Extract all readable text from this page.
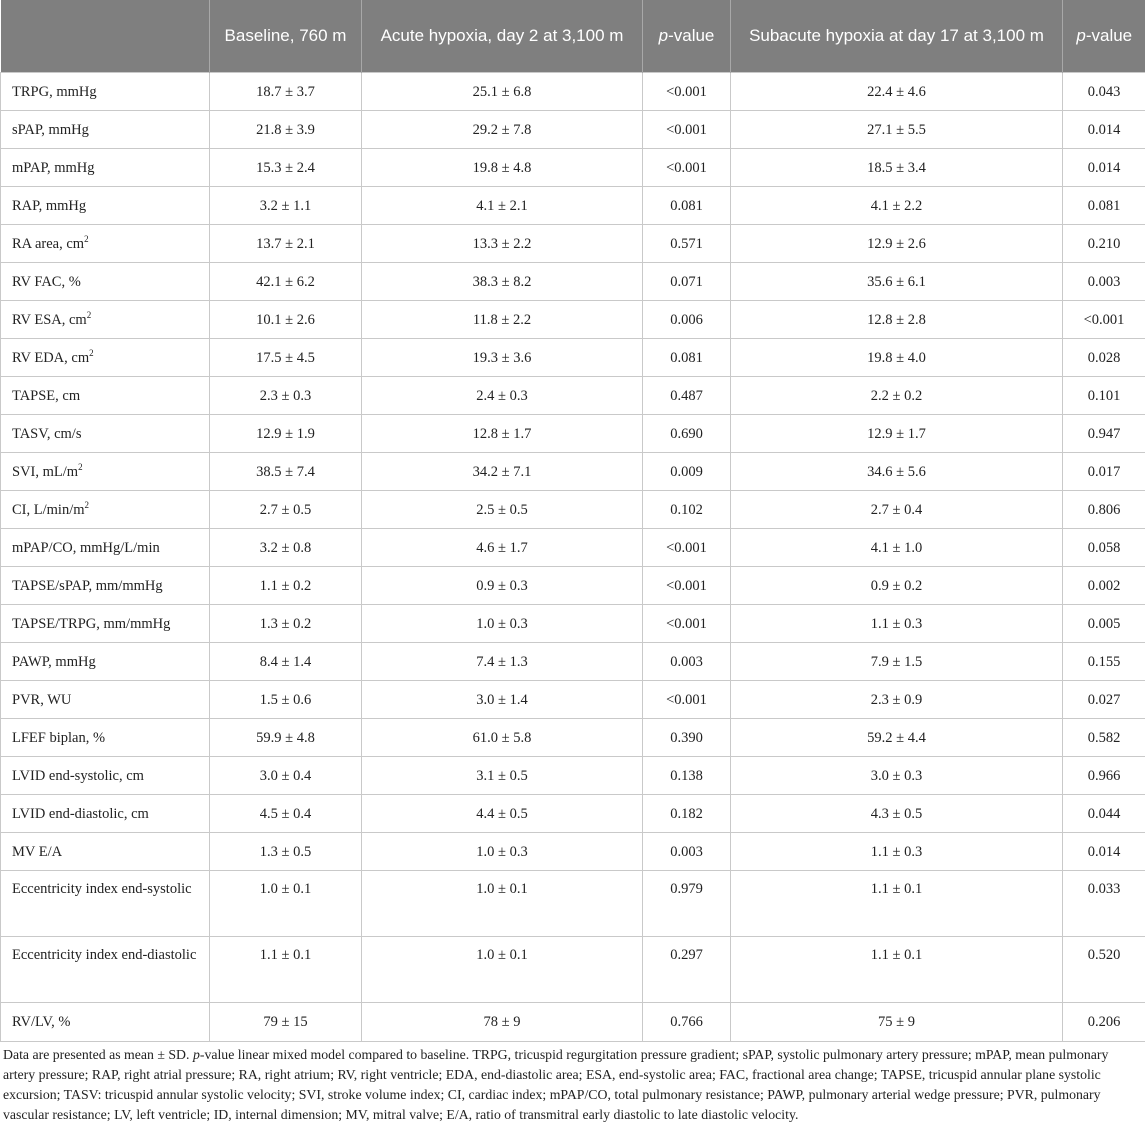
	Baseline, 760 m	Acute hypoxia, day 2 at 3,100 m	p-value	Subacute hypoxia at day 17 at 3,100 m	p-value
TRPG, mmHg	18.7 ± 3.7	25.1 ± 6.8	<0.001	22.4 ± 4.6	0.043
sPAP, mmHg	21.8 ± 3.9	29.2 ± 7.8	<0.001	27.1 ± 5.5	0.014
mPAP, mmHg	15.3 ± 2.4	19.8 ± 4.8	<0.001	18.5 ± 3.4	0.014
RAP, mmHg	3.2 ± 1.1	4.1 ± 2.1	0.081	4.1 ± 2.2	0.081
RA area, $cm^2$	13.7 ± 2.1	13.3 ± 2.2	0.571	12.9 ± 2.6	0.210
RV FAC, %	42.1 ± 6.2	38.3 ± 8.2	0.071	35.6 ± 6.1	0.003
RV ESA, $cm^2$	10.1 ± 2.6	11.8 ± 2.2	0.006	12.8 ± 2.8	<0.001
RV EDA, $cm^2$	17.5 ± 4.5	19.3 ± 3.6	0.081	19.8 ± 4.0	0.028
TAPSE, cm	2.3 ± 0.3	2.4 ± 0.3	0.487	2.2 ± 0.2	0.101
TASV, cm/s	12.9 ± 1.9	12.8 ± 1.7	0.690	12.9 ± 1.7	0.947
SVI, $mL/m^2$	38.5 ± 7.4	34.2 ± 7.1	0.009	34.6 ± 5.6	0.017
CI, $L/\min/m^2$	2.7 ± 0.5	2.5 ± 0.5	0.102	2.7 ± 0.4	0.806
mPAP/CO, mmHg/L/min	3.2 ± 0.8	4.6 ± 1.7	<0.001	4.1 ± 1.0	0.058
TAPSE/sPAP, mm/mmHg	1.1 ± 0.2	0.9 ± 0.3	<0.001	0.9 ± 0.2	0.002
TAPSE/TRPG, mm/mmHg	1.3 ± 0.2	1.0 ± 0.3	<0.001	1.1 ± 0.3	0.005
PAWP, mmHg	8.4 ± 1.4	7.4 ± 1.3	0.003	7.9 ± 1.5	0.155
PVR, WU	1.5 ± 0.6	3.0 ± 1.4	<0.001	2.3 ± 0.9	0.027
LFEF biplan, %	59.9 ± 4.8	61.0 ± 5.8	0.390	59.2 ± 4.4	0.582
LVID end-systolic, cm	3.0 ± 0.4	3.1 ± 0.5	0.138	3.0 ± 0.3	0.966
LVID end-diastolic, cm	4.5 ± 0.4	4.4 ± 0.5	0.182	4.3 ± 0.5	0.044
MV E/A	1.3 ± 0.5	1.0 ± 0.3	0.003	1.1 ± 0.3	0.014
Eccentricity index end-systolic	1.0 ± 0.1	1.0 ± 0.1	0.979	1.1 ± 0.1	0.033
Eccentricity index end-diastolic	1.1 ± 0.1	1.0 ± 0.1	0.297	1.1 ± 0.1	0.520
RV/LV, %	79 ± 15	78 ± 9	0.766	75 ± 9	0.206

Data are presented as mean ± SD. p-value linear mixed model compared to baseline. TRPG, tricuspid regurgitation pressure gradient; sPAP, systolic pulmonary artery pressure; mPAP, mean pulmonary artery pressure; RAP, right atrial pressure; RA, right atrium; RV, right ventricle; EDA, end-diastolic area; ESA, end-systolic area; FAC, fractional area change; TAPSE, tricuspid annular plane systolic excursion; TASV: tricuspid annular systolic velocity; SVI, stroke volume index; CI, cardiac index; mPAP/CO, total pulmonary resistance; PAWP, pulmonary arterial wedge pressure; PVR, pulmonary vascular resistance; LV, left ventricle; ID, internal dimension; MV, mitral valve; E/A, ratio of transmitral early diastolic to late diastolic velocity.
